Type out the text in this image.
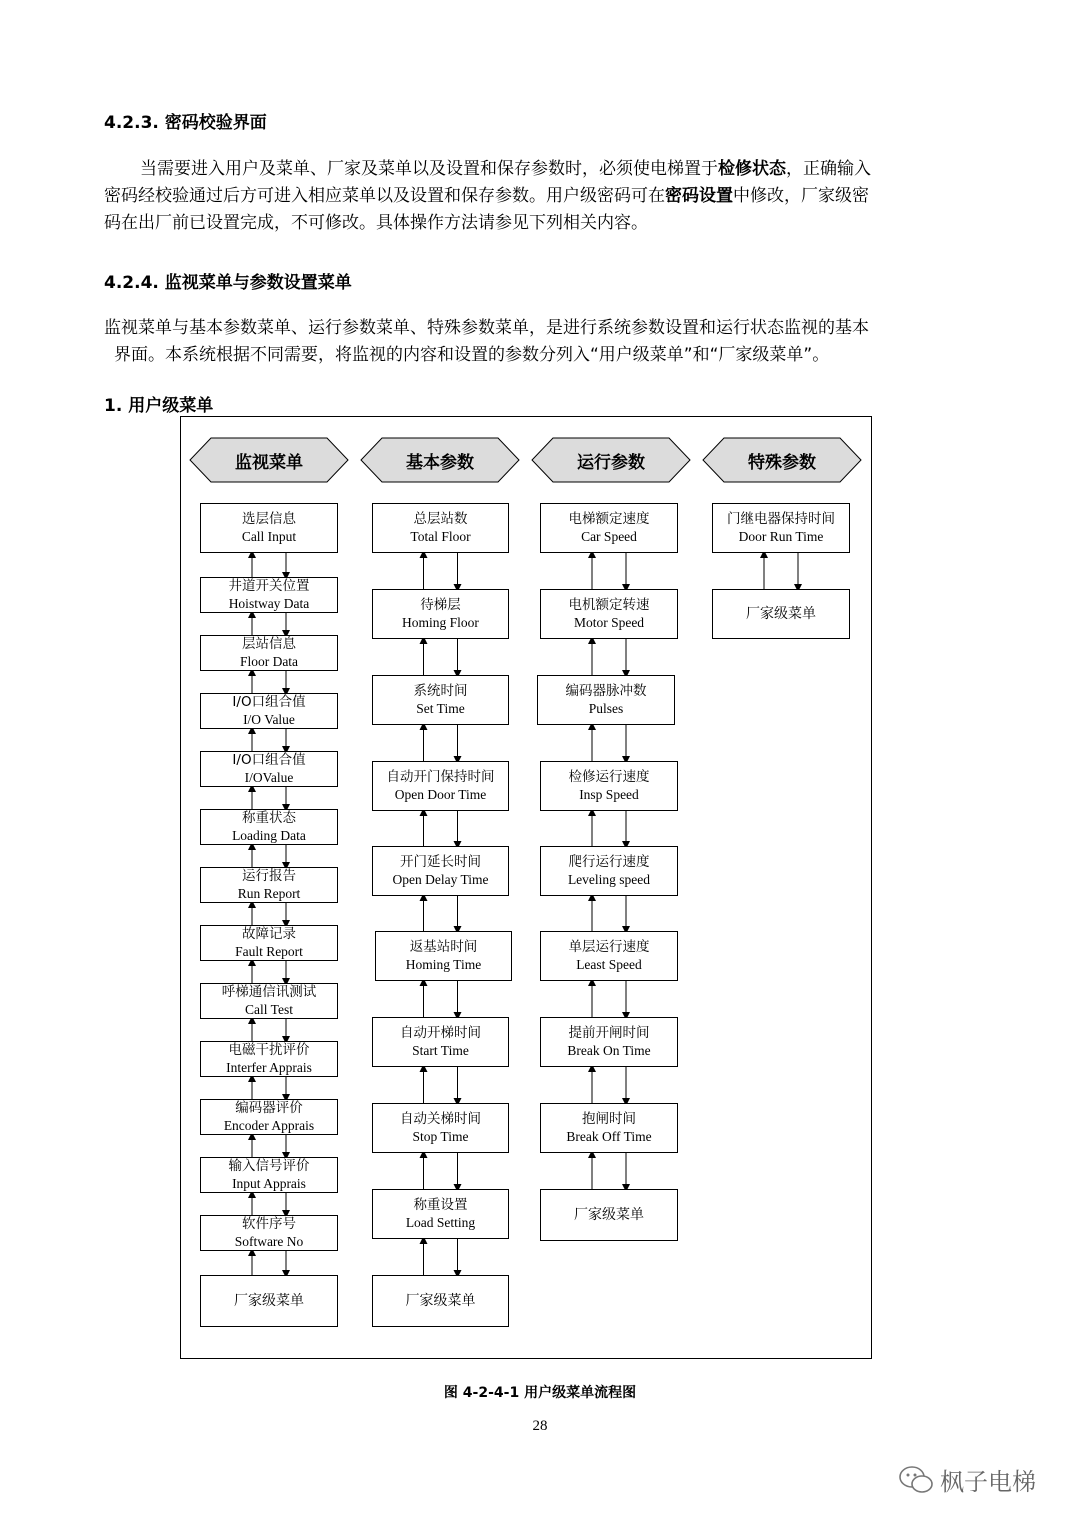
4.2.3. 密码校验界面
当需要进入用户及菜单、厂家及菜单以及设置和保存参数时，必须使电梯置于检修状态，正确输入
密码经校验通过后方可进入相应菜单以及设置和保存参数。用户级密码可在密码设置中修改，厂家级密
码在出厂前已设置完成，不可修改。具体操作方法请参见下列相关内容。
4.2.4. 监视菜单与参数设置菜单
监视菜单与基本参数菜单、运行参数菜单、特殊参数菜单，是进行系统参数设置和运行状态监视的基本
界面。本系统根据不同需要，将监视的内容和设置的参数分列入“用户级菜单”和“厂家级菜单”。
1. 用户级菜单
监视菜单
选层信息
Call Input
井道开关位置
Hoistway Data
层站信息
Floor Data
I/O口组合值
I/O Value
I/O口组合值
I/OValue
称重状态
Loading Data
运行报告
Run Report
故障记录
Fault Report
呼梯通信讯测试
Call Test
电磁干扰评价
Interfer Apprais
编码器评价
Encoder Apprais
输入信号评价
Input Apprais
软件序号
Software No
厂家级菜单
基本参数
总层站数
Total Floor
待梯层
Homing Floor
系统时间
Set Time
自动开门保持时间
Open Door Time
开门延长时间
Open Delay Time
返基站时间
Homing Time
自动开梯时间
Start Time
自动关梯时间
Stop Time
称重设置
Load Setting
厂家级菜单
运行参数
电梯额定速度
Car Speed
电机额定转速
Motor Speed
编码器脉冲数
Pulses
检修运行速度
Insp Speed
爬行运行速度
Leveling speed
单层运行速度
Least Speed
提前开闸时间
Break On Time
抱闸时间
Break Off Time
厂家级菜单
特殊参数
门继电器保持时间
Door Run Time
厂家级菜单
图 4-2-4-1 用户级菜单流程图
28
枫子电梯
